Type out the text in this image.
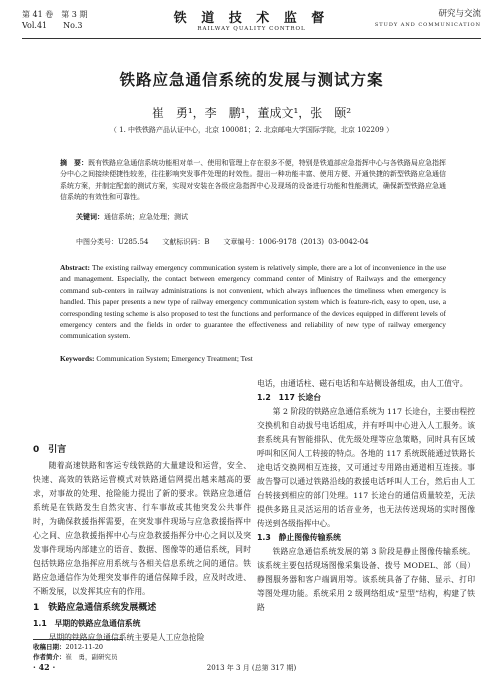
第 41 卷　第 3 期
Vol.41　　No.3	铁 道 技 术 监 督
RAILWAY QUALITY CONTROL
研究与交流
STUDY AND COMMUNICATION
铁路应急通信系统的发展与测试方案
崔　勇¹，李　鹏¹，董成文¹，张　颐²
（ 1. 中铁铁路产品认证中心，北京 100081；2. 北京邮电大学国际学院，北京 102209 ）
摘　要：既有铁路应急通信系统功能相对单一、使用和管理上存在很多不便，特别是铁道部应急指挥中心与各铁路局应急指挥分中心之间接续便捷性较差，往往影响突发事件处理的时效性。提出一种功能丰富、使用方便、开通快捷的新型铁路应急通信系统方案，并制定配套的测试方案，实现对安装在各级应急指挥中心及现场的设备进行功能和性能测试，确保新型铁路应急通信系统的有效性和可靠性。
关键词：通信系统；应急处理；测试
中图分类号：U285.54　　文献标识码：B　　文章编号：1006-9178 (2013) 03-0042-04
Abstract: The existing railway emergency communication system is relatively simple, there are a lot of inconvenience in the use and management. Especially, the contact between emergency command center of Ministry of Railways and the emergency command sub-centers in railway administrations is not convenient, which always influences the timeliness when emergency is handled. This paper presents a new type of railway emergency communication system which is feature-rich, easy to open, use, a corresponding testing scheme is also proposed to test the functions and performance of the devices equipped in different levels of emergency centers and the fields in order to guarantee the effectiveness and reliability of new type of railway emergency communication system.
Keywords: Communication System; Emergency Treatment; Test

0　引言

随着高速铁路和客运专线铁路的大量建设和运营，安全、快速、高效的铁路运营模式对铁路通信网提出越来越高的要求，对事故的处理、抢险能力提出了新的要求。铁路应急通信系统是在铁路发生自然灾害、行车事故或其他突发公共事件时，为确保救援指挥需要，在突发事件现场与应急救援指挥中心之间、应急救援指挥中心与应急救援指挥分中心之间以及突发事件现场内部建立的语音、数据、图像等的通信系统，同时包括铁路应急指挥应用系统与各相关信息系统之间的通信。铁路应急通信作为处理突发事件的通信保障手段，应及时改进、不断发展，以发挥其应有的作用。

1　铁路应急通信系统发展概述

1.1　早期的铁路应急通信系统

早期的铁路应急通信系统主要是人工应急抢险

电话，由通话柱、磁石电话和车站侧设备组成，由人工值守。

1.2　117 长途台

第 2 阶段的铁路应急通信系统为 117 长途台，主要由程控交换机和自动拔号电话组成，并有呼叫中心进入人工服务。该套系统具有智能排队、优先级处理等应急策略，同时具有区域呼叫和区间人工转接的特点。各地的 117 系统既能通过铁路长途电话交换网相互连接，又可通过专用路由通道相互连接。事故告警可以通过铁路沿线的救援电话呼叫人工台，然后由人工台转接到相应的部门处理。117 长途台的通信质量较差，无法提供多路且灵活运用的话音业务，也无法传送现场的实时图像传送到各级指挥中心。

1.3　静止图像传输系统

铁路应急通信系统发展的第 3 阶段是静止图像传输系统。该系统主要包括现场图像采集设备、拨号 MODEL、部（局）静图服务器和客户端调用等。该系统具备了存储、显示、打印等图处理功能。系统采用 2 级网络组成“星型”结构，构建了铁路

收稿日期：2012-11-20
作者简介：崔　勇，副研究员
· 42 ·	2013 年 3 月 (总第 317 期)
